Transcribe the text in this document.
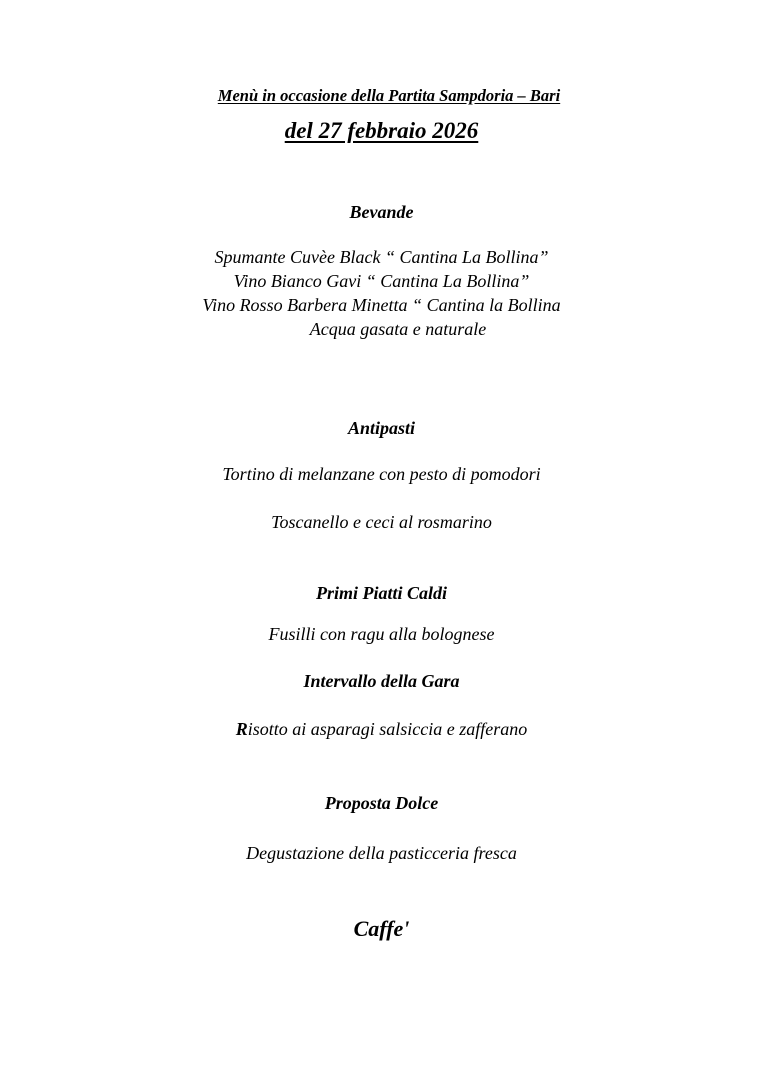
Menù in occasione della Partita Sampdoria – Bari
del 27 febbraio 2026
Bevande
Spumante Cuvèe Black “ Cantina La Bollina”
Vino Bianco Gavi “ Cantina La Bollina”
Vino Rosso Barbera Minetta “ Cantina la Bollina
Acqua gasata e naturale
Antipasti
Tortino di melanzane con pesto di pomodori
Toscanello e ceci al rosmarino
Primi Piatti Caldi
Fusilli con ragu alla bolognese
Intervallo della Gara
Risotto ai asparagi salsiccia e zafferano
Proposta Dolce
Degustazione della pasticceria fresca
Caffe'
